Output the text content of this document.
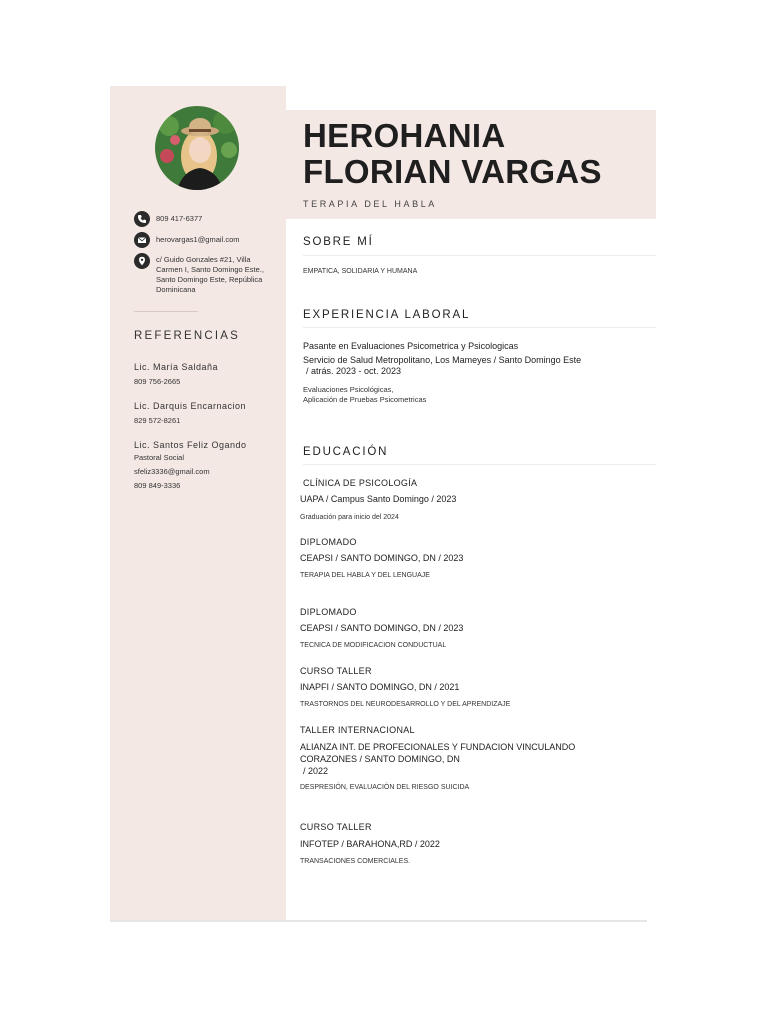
HEROHANIA
FLORIAN VARGAS
TERAPIA DEL HABLA
809 417-6377
herovargas1@gmail.com
c/ Guido Gonzales #21, Villa Carmen I, Santo Domingo Este., Santo Domingo Este, República Dominicana
REFERENCIAS
Lic. María Saldaña
809 756-2665
Lic. Darquis Encarnacion
829 572-8261
Lic. Santos Feliz Ogando
Pastoral Social
sfeliz3336@gmail.com
809 849-3336
SOBRE MÍ
EMPATICA, SOLIDARIA Y HUMANA
EXPERIENCIA LABORAL
Pasante en Evaluaciones Psicometrica y Psicologicas
Servicio de Salud Metropolitano, Los Mameyes / Santo Domingo Este
/ atrás. 2023 - oct. 2023
Evaluaciones Psicológicas,
Aplicación de Pruebas Psicometricas
EDUCACIÓN
CLÍNICA DE PSICOLOGÍA
UAPA / Campus Santo Domingo / 2023
Graduación para inicio del 2024
DIPLOMADO
CEAPSI / SANTO DOMINGO, DN / 2023
TERAPIA DEL HABLA Y DEL LENGUAJE
DIPLOMADO
CEAPSI / SANTO DOMINGO, DN / 2023
TECNICA DE MODIFICACION CONDUCTUAL
CURSO TALLER
INAPFI / SANTO DOMINGO, DN / 2021
TRASTORNOS DEL NEURODESARROLLO Y DEL APRENDIZAJE
TALLER INTERNACIONAL
ALIANZA INT. DE PROFECIONALES Y FUNDACION VINCULANDO
CORAZONES / SANTO DOMINGO, DN
/ 2022
DESPRESIÓN, EVALUACIÓN DEL RIESGO SUICIDA
CURSO TALLER
INFOTEP / BARAHONA,RD / 2022
TRANSACIONES COMERCIALES.
